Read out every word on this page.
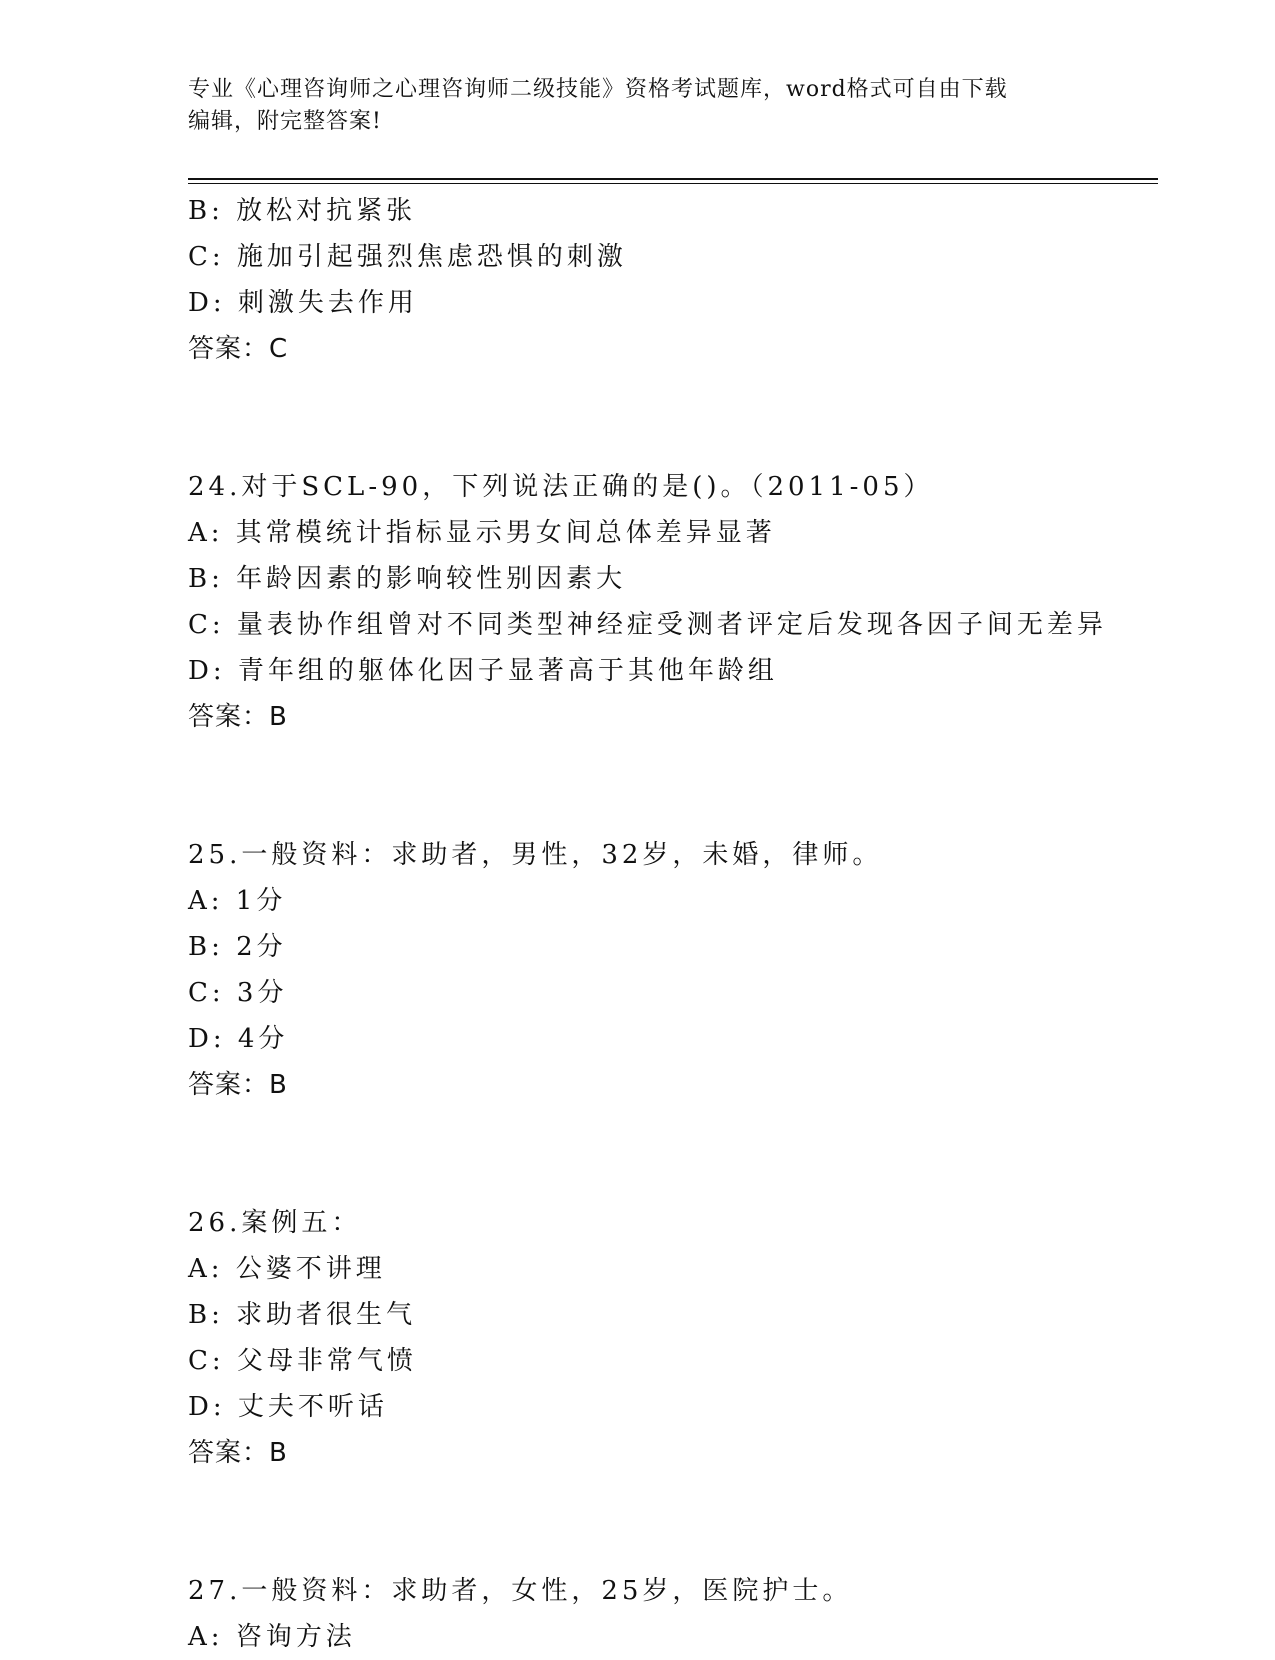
专业《心理咨询师之心理咨询师二级技能》资格考试题库，word格式可自由下载
编辑，附完整答案!
B: 放松对抗紧张
C: 施加引起强烈焦虑恐惧的刺激
D: 刺激失去作用
答案：C
24.对于SCL-90，下列说法正确的是()。（2011-05）
A: 其常模统计指标显示男女间总体差异显著
B: 年龄因素的影响较性别因素大
C: 量表协作组曾对不同类型神经症受测者评定后发现各因子间无差异
D: 青年组的躯体化因子显著高于其他年龄组
答案：B
25.一般资料：求助者，男性，32岁，未婚，律师。
A: 1分
B: 2分
C: 3分
D: 4分
答案：B
26.案例五：
A: 公婆不讲理
B: 求助者很生气
C: 父母非常气愤
D: 丈夫不听话
答案：B
27.一般资料：求助者，女性，25岁，医院护士。
A: 咨询方法
